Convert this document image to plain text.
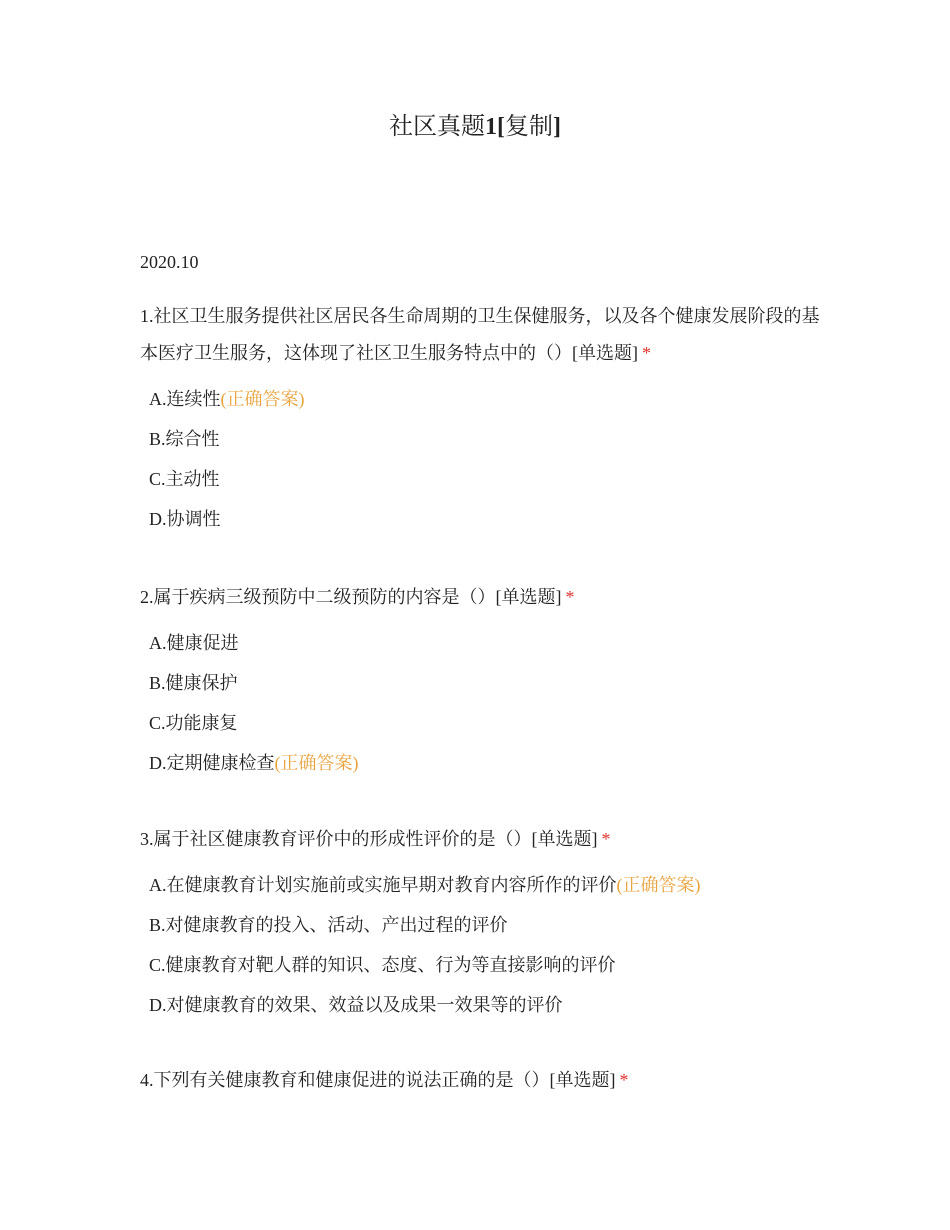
社区真题1[复制]
2020.10

1.社区卫生服务提供社区居民各生命周期的卫生保健服务，以及各个健康发展阶段的基本医疗卫生服务，这体现了社区卫生服务特点中的（）[单选题] *

A.连续性(正确答案)
B.综合性
C.主动性
D.协调性

2.属于疾病三级预防中二级预防的内容是（）[单选题] *

A.健康促进
B.健康保护
C.功能康复
D.定期健康检查(正确答案)

3.属于社区健康教育评价中的形成性评价的是（）[单选题] *

A.在健康教育计划实施前或实施早期对教育内容所作的评价(正确答案)
B.对健康教育的投入、活动、产出过程的评价
C.健康教育对靶人群的知识、态度、行为等直接影响的评价
D.对健康教育的效果、效益以及成果一效果等的评价

4.下列有关健康教育和健康促进的说法正确的是（）[单选题] *
